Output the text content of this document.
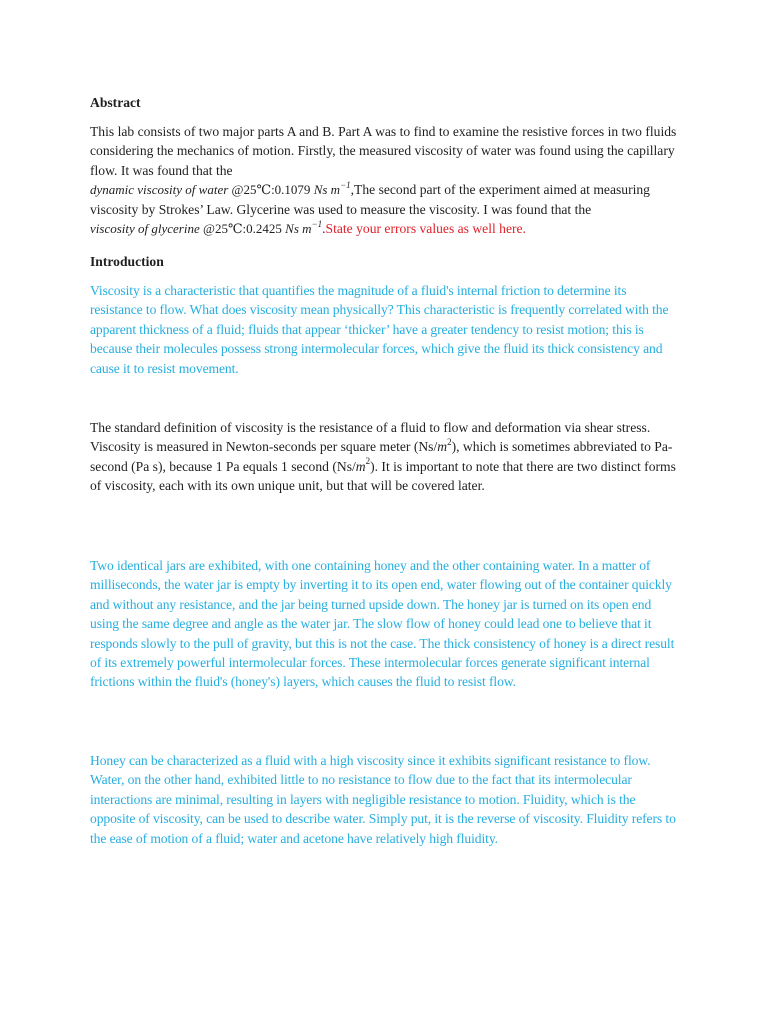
Abstract

This lab consists of two major parts A and B. Part A was to find to examine the resistive forces in two fluids considering the mechanics of motion. Firstly, the measured viscosity of water was found using the capillary flow. It was found that the
dynamic viscosity of water @25℃:0.1079 Ns $m^{-1},The$ second part of the experiment aimed at measuring viscosity by Strokes’ Law. Glycerine was used to measure the viscosity. I was found that the viscosity of glycerine @25℃:0.2425 Ns $m^{-1}.State$ your errors values as well here.

Introduction

Viscosity is a characteristic that quantifies the magnitude of a fluid's internal friction to determine its resistance to flow. What does viscosity mean physically? This characteristic is frequently correlated with the apparent thickness of a fluid; fluids that appear ‘thicker’ have a greater tendency to resist motion; this is because their molecules possess strong intermolecular forces, which give the fluid its thick consistency and cause it to resist movement.

The standard definition of viscosity is the resistance of a fluid to flow and deformation via shear stress. Viscosity is measured in Newton-seconds per square meter $(Ns/m^2)$, which is sometimes abbreviated to Pa-second (Pa s), because 1 Pa equals 1 second $(Ns/m^2)$. It is important to note that there are two distinct forms of viscosity, each with its own unique unit, but that will be covered later.

Two identical jars are exhibited, with one containing honey and the other containing water. In a matter of milliseconds, the water jar is empty by inverting it to its open end, water flowing out of the container quickly and without any resistance, and the jar being turned upside down. The honey jar is turned on its open end using the same degree and angle as the water jar. The slow flow of honey could lead one to believe that it responds slowly to the pull of gravity, but this is not the case. The thick consistency of honey is a direct result of its extremely powerful intermolecular forces. These intermolecular forces generate significant internal frictions within the fluid's (honey's) layers, which causes the fluid to resist flow.

Honey can be characterized as a fluid with a high viscosity since it exhibits significant resistance to flow. Water, on the other hand, exhibited little to no resistance to flow due to the fact that its intermolecular interactions are minimal, resulting in layers with negligible resistance to motion. Fluidity, which is the opposite of viscosity, can be used to describe water. Simply put, it is the reverse of viscosity. Fluidity refers to the ease of motion of a fluid; water and acetone have relatively high fluidity.
